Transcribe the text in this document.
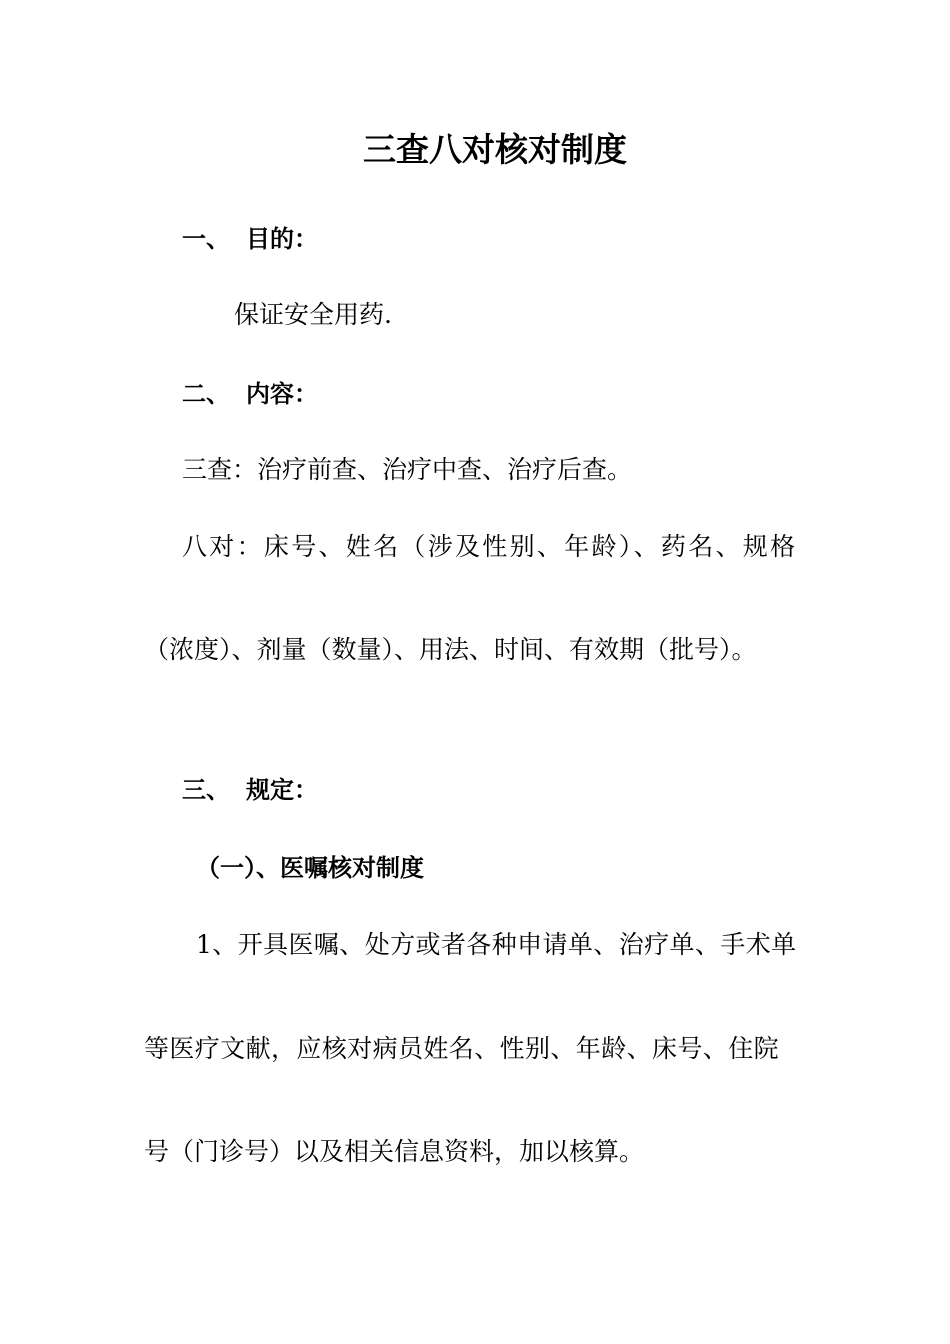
三查八对核对制度
一、 目的：
保证安全用药.
二、 内容：
三查：治疗前查、治疗中查、治疗后查。
八对：床号、姓名（涉及性别、年龄）、药名、规格
（浓度）、剂量（数量）、用法、时间、有效期（批号）。
三、 规定：
（一）、医嘱核对制度
1、开具医嘱、处方或者各种申请单、治疗单、手术单
等医疗文献，应核对病员姓名、性别、年龄、床号、住院
号（门诊号）以及相关信息资料，加以核算。
